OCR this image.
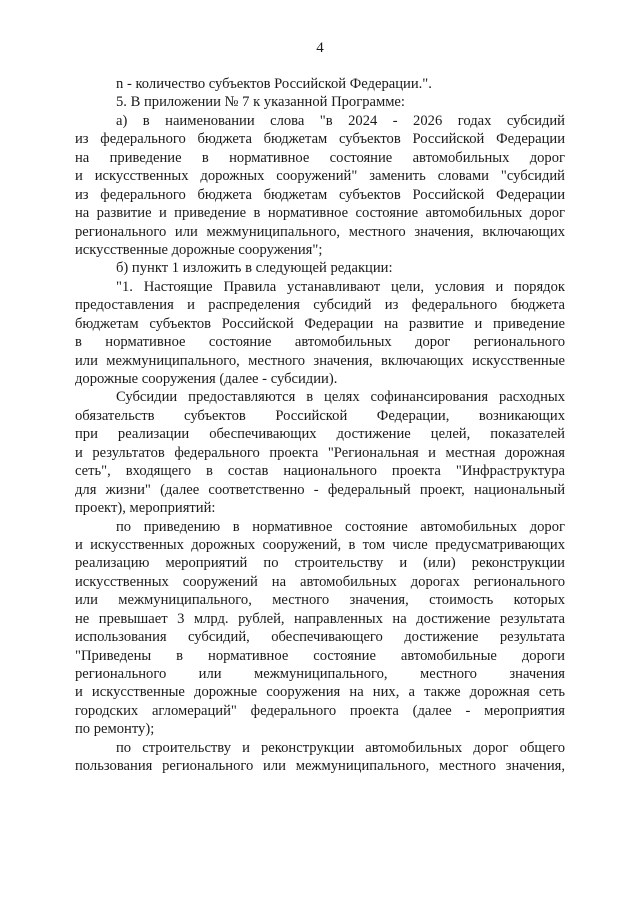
4
n - количество субъектов Российской Федерации.".
5. В приложении № 7 к указанной Программе:
а) в наименовании слова "в 2024 - 2026 годах субсидий
из федерального бюджета бюджетам субъектов Российской Федерации
на приведение в нормативное состояние автомобильных дорог
и искусственных дорожных сооружений" заменить словами "субсидий
из федерального бюджета бюджетам субъектов Российской Федерации
на развитие и приведение в нормативное состояние автомобильных дорог
регионального или межмуниципального, местного значения, включающих
искусственные дорожные сооружения";
б) пункт 1 изложить в следующей редакции:
"1. Настоящие Правила устанавливают цели, условия и порядок
предоставления и распределения субсидий из федерального бюджета
бюджетам субъектов Российской Федерации на развитие и приведение
в нормативное состояние автомобильных дорог регионального
или межмуниципального, местного значения, включающих искусственные
дорожные сооружения (далее - субсидии).
Субсидии предоставляются в целях софинансирования расходных
обязательств субъектов Российской Федерации, возникающих
при реализации обеспечивающих достижение целей, показателей
и результатов федерального проекта "Региональная и местная дорожная
сеть", входящего в состав национального проекта "Инфраструктура
для жизни" (далее соответственно - федеральный проект, национальный
проект), мероприятий:
по приведению в нормативное состояние автомобильных дорог
и искусственных дорожных сооружений, в том числе предусматривающих
реализацию мероприятий по строительству и (или) реконструкции
искусственных сооружений на автомобильных дорогах регионального
или межмуниципального, местного значения, стоимость которых
не превышает 3 млрд. рублей, направленных на достижение результата
использования субсидий, обеспечивающего достижение результата
"Приведены в нормативное состояние автомобильные дороги
регионального или межмуниципального, местного значения
и искусственные дорожные сооружения на них, а также дорожная сеть
городских агломераций" федерального проекта (далее - мероприятия
по ремонту);
по строительству и реконструкции автомобильных дорог общего
пользования регионального или межмуниципального, местного значения,
